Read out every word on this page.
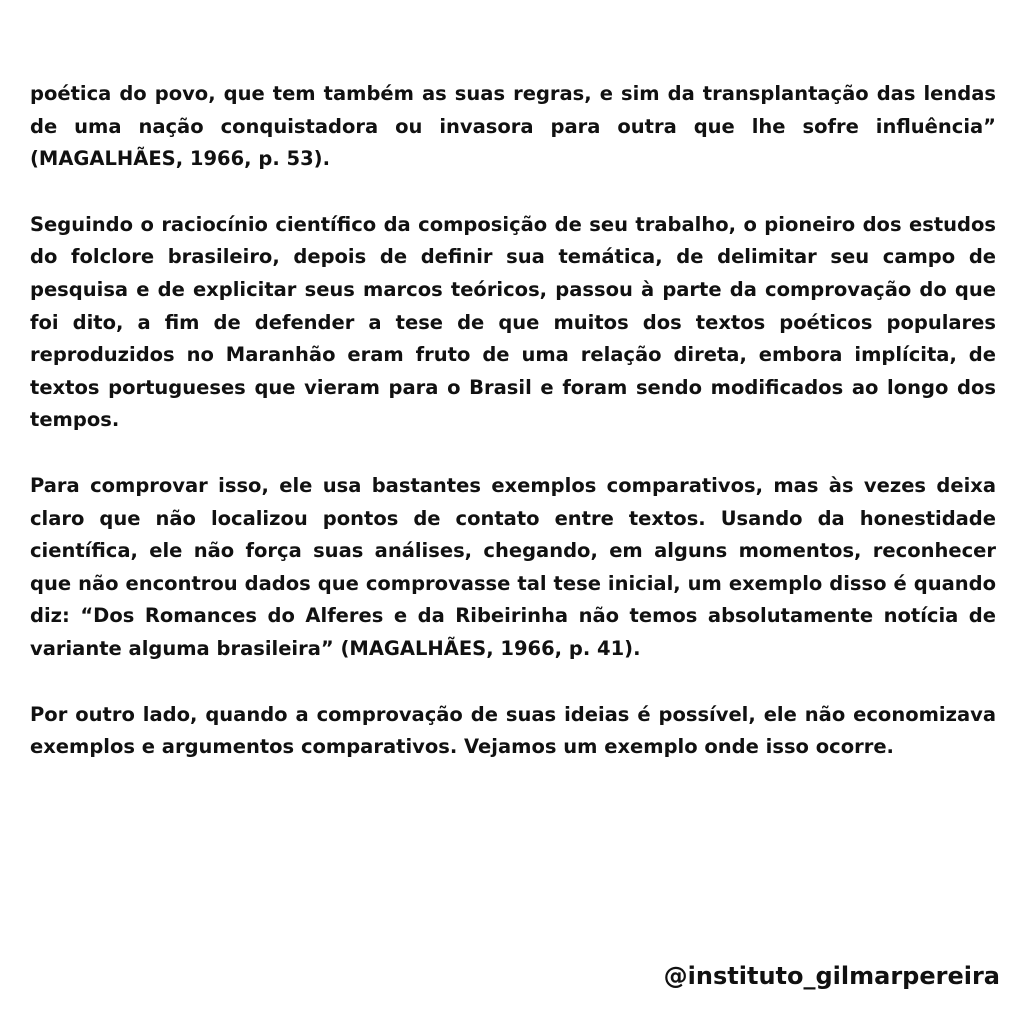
poética do povo, que tem também as suas regras, e sim da transplantação das lendas de uma nação conquistadora ou invasora para outra que lhe sofre influência” (MAGALHÃES, 1966, p. 53).

Seguindo o raciocínio científico da composição de seu trabalho, o pioneiro dos estudos do folclore brasileiro, depois de definir sua temática, de delimitar seu campo de pesquisa e de explicitar seus marcos teóricos, passou à parte da comprovação do que foi dito, a fim de defender a tese de que muitos dos textos poéticos populares reproduzidos no Maranhão eram fruto de uma relação direta, embora implícita, de textos portugueses que vieram para o Brasil e foram sendo modificados ao longo dos tempos.

Para comprovar isso, ele usa bastantes exemplos comparativos, mas às vezes deixa claro que não localizou pontos de contato entre textos. Usando da honestidade científica, ele não força suas análises, chegando, em alguns momentos, reconhecer que não encontrou dados que comprovasse tal tese inicial, um exemplo disso é quando diz: “Dos Romances do Alferes e da Ribeirinha não temos absolutamente notícia de variante alguma brasileira” (MAGALHÃES, 1966, p. 41).

Por outro lado, quando a comprovação de suas ideias é possível, ele não economizava exemplos e argumentos comparativos. Vejamos um exemplo onde isso ocorre.

@instituto_gilmarpereira
